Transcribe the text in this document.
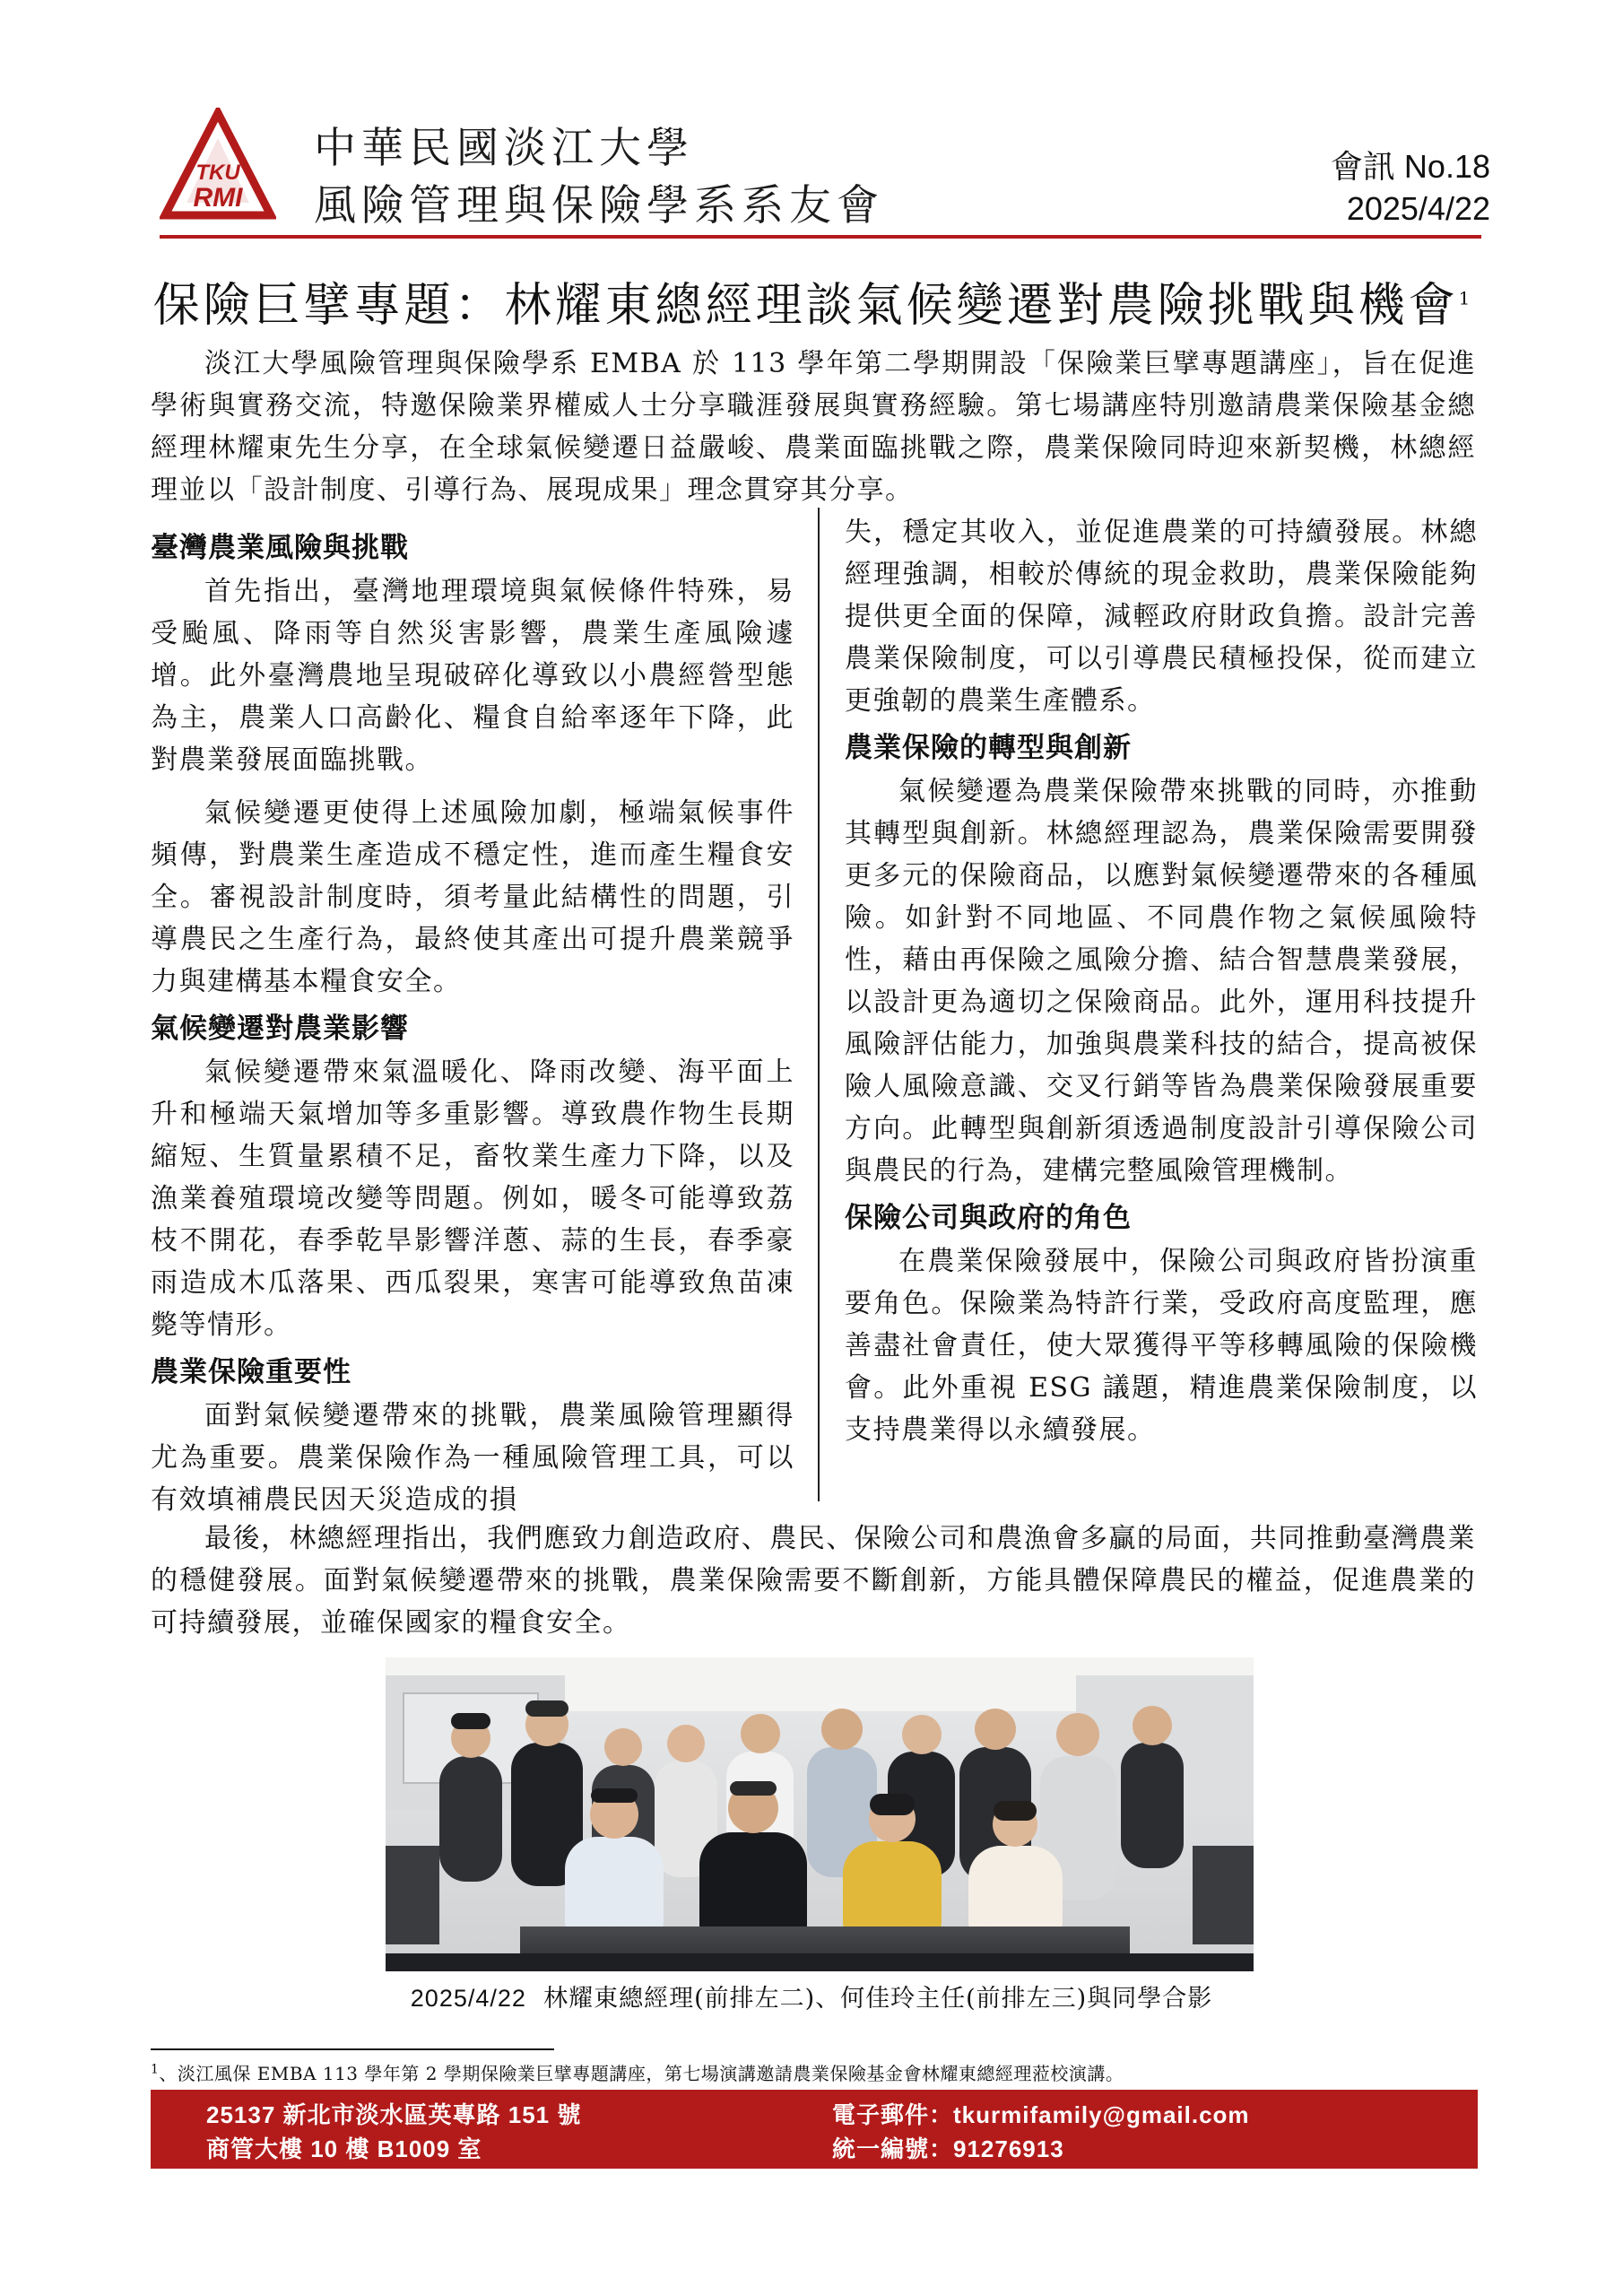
TKU
RMI
中華民國淡江大學
風險管理與保險學系系友會
會訊 No.18
2025/4/22
保險巨擘專題：林耀東總經理談氣候變遷對農險挑戰與機會$^1$

淡江大學風險管理與保險學系 EMBA 於 113 學年第二學期開設「保險業巨擘專題講座」，旨在促進學術與實務交流，特邀保險業界權威人士分享職涯發展與實務經驗。第七場講座特別邀請農業保險基金總經理林耀東先生分享，在全球氣候變遷日益嚴峻、農業面臨挑戰之際，農業保險同時迎來新契機，林總經理並以「設計制度、引導行為、展現成果」理念貫穿其分享。

臺灣農業風險與挑戰

首先指出，臺灣地理環境與氣候條件特殊，易受颱風、降雨等自然災害影響，農業生產風險遽增。此外臺灣農地呈現破碎化導致以小農經營型態為主，農業人口高齡化、糧食自給率逐年下降，此對農業發展面臨挑戰。

氣候變遷更使得上述風險加劇，極端氣候事件頻傳，對農業生產造成不穩定性，進而產生糧食安全。審視設計制度時，須考量此結構性的問題，引導農民之生產行為，最終使其產出可提升農業競爭力與建構基本糧食安全。

氣候變遷對農業影響

氣候變遷帶來氣溫暖化、降雨改變、海平面上升和極端天氣增加等多重影響。導致農作物生長期縮短、生質量累積不足，畜牧業生產力下降，以及漁業養殖環境改變等問題。例如，暖冬可能導致荔枝不開花，春季乾旱影響洋蔥、蒜的生長，春季豪雨造成木瓜落果、西瓜裂果，寒害可能導致魚苗凍斃等情形。

農業保險重要性

面對氣候變遷帶來的挑戰，農業風險管理顯得尤為重要。農業保險作為一種風險管理工具，可以有效填補農民因天災造成的損

失，穩定其收入，並促進農業的可持續發展。林總經理強調，相較於傳統的現金救助，農業保險能夠提供更全面的保障，減輕政府財政負擔。設計完善農業保險制度，可以引導農民積極投保，從而建立更強韌的農業生產體系。

農業保險的轉型與創新

氣候變遷為農業保險帶來挑戰的同時，亦推動其轉型與創新。林總經理認為，農業保險需要開發更多元的保險商品，以應對氣候變遷帶來的各種風險。如針對不同地區、不同農作物之氣候風險特性，藉由再保險之風險分擔、結合智慧農業發展，以設計更為適切之保險商品。此外，運用科技提升風險評估能力，加強與農業科技的結合，提高被保險人風險意識、交叉行銷等皆為農業保險發展重要方向。此轉型與創新須透過制度設計引導保險公司與農民的行為，建構完整風險管理機制。

保險公司與政府的角色

在農業保險發展中，保險公司與政府皆扮演重要角色。保險業為特許行業，受政府高度監理，應善盡社會責任，使大眾獲得平等移轉風險的保險機會。此外重視 ESG 議題，精進農業保險制度，以支持農業得以永續發展。

最後，林總經理指出，我們應致力創造政府、農民、保險公司和農漁會多贏的局面，共同推動臺灣農業的穩健發展。面對氣候變遷帶來的挑戰，農業保險需要不斷創新，方能具體保障農民的權益，促進農業的可持續發展，並確保國家的糧食安全。

2025/4/22 林耀東總經理(前排左二)、何佳玲主任(前排左三)與同學合影
$^1$、淡江風保 EMBA 113 學年第 2 學期保險業巨擘專題講座，第七場演講邀請農業保險基金會林耀東總經理蒞校演講。
25137 新北市淡水區英專路 151 號
商管大樓 10 樓 B1009 室
電子郵件：tkurmifamily@gmail.com
統一編號：91276913
